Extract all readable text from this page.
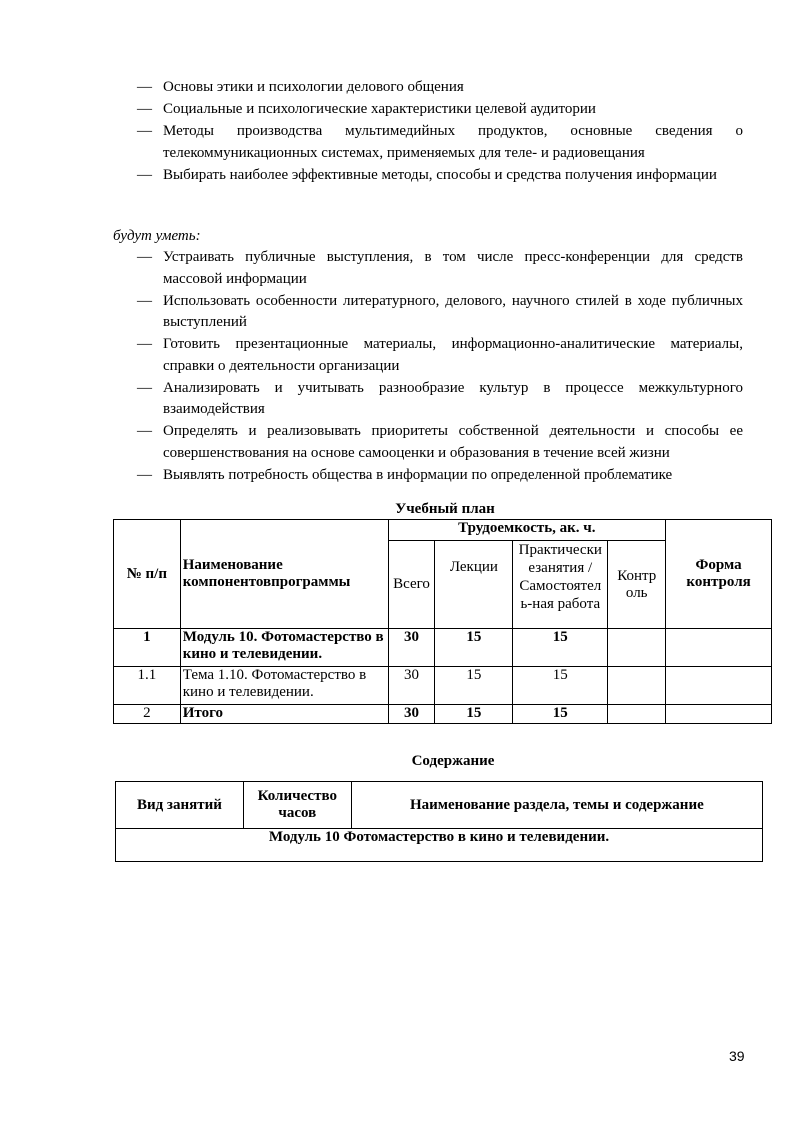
— Основы этики и психологии делового общения
— Социальные и психологические характеристики целевой аудитории
— Методы производства мультимедийных продуктов, основные сведения о телекоммуникационных системах, применяемых для теле- и радиовещания
— Выбирать наиболее эффективные методы, способы и средства получения информации
будут уметь:
— Устраивать публичные выступления, в том числе пресс-конференции для средств массовой информации
— Использовать особенности литературного, делового, научного стилей в ходе публичных выступлений
— Готовить презентационные материалы, информационно-аналитические материалы, справки о деятельности организации
— Анализировать и учитывать разнообразие культур в процессе межкультурного взаимодействия
— Определять и реализовывать приоритеты собственной деятельности и способы ее совершенствования на основе самооценки и образования в течение всей жизни
— Выявлять потребность общества в информации по определенной проблематике
Учебный план
№ п/п	Наименование компонентовпрограммы	Трудоемкость, ак. ч.				Форма контроля
		Всего	Лекции	Практически езанятия / Самостоятел ь-ная работа	Контр оль	
1	Модуль 10. Фотомастерство в кино и телевидении.	30	15	15		
1.1	Тема 1.10. Фотомастерство в кино и телевидении.	30	15	15		
2	Итого	30	15	15		
Содержание
Вид занятий	Количество часов	Наименование раздела, темы и содержание
Модуль 10 Фотомастерство в кино и телевидении.
39
